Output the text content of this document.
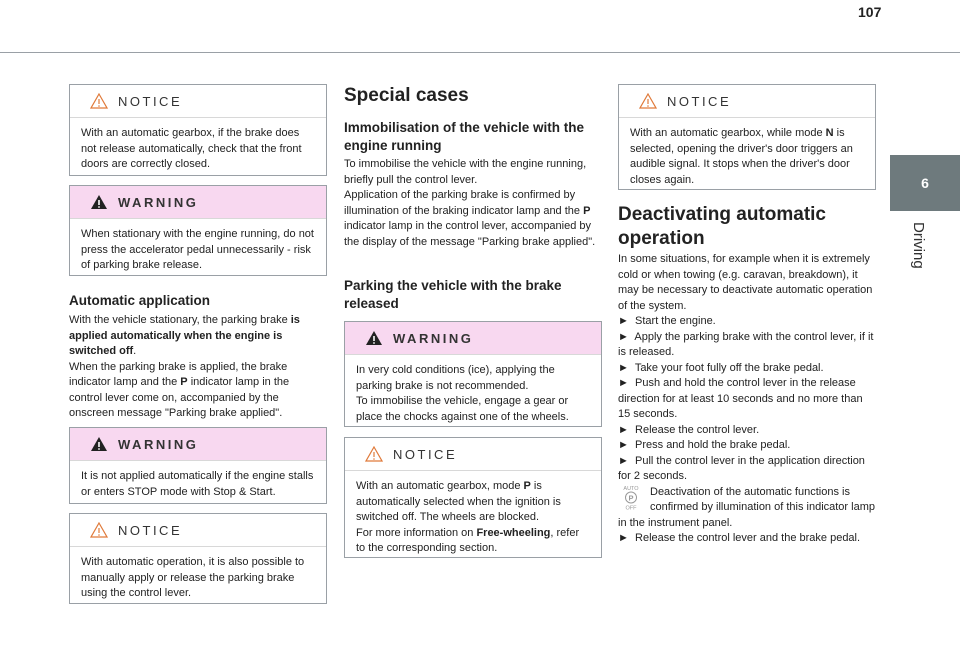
107
6
Driving
NOTICE
With an automatic gearbox, if the brake does not release automatically, check that the front doors are correctly closed.
WARNING
When stationary with the engine running, do not press the accelerator pedal unnecessarily - risk of parking brake release.
Automatic application

With the vehicle stationary, the parking brake is applied automatically when the engine is switched off.
When the parking brake is applied, the brake indicator lamp and the P indicator lamp in the control lever come on, accompanied by the onscreen message "Parking brake applied".

WARNING
It is not applied automatically if the engine stalls or enters STOP mode with Stop & Start.
NOTICE
With automatic operation, it is also possible to manually apply or release the parking brake using the control lever.
Special cases
Immobilisation of the vehicle with the engine running

To immobilise the vehicle with the engine running, briefly pull the control lever.
Application of the parking brake is confirmed by illumination of the braking indicator lamp and the P indicator lamp in the control lever, accompanied by the display of the message "Parking brake applied".

Parking the vehicle with the brake released
WARNING
In very cold conditions (ice), applying the parking brake is not recommended.
To immobilise the vehicle, engage a gear or place the chocks against one of the wheels.
NOTICE
With an automatic gearbox, mode P is automatically selected when the ignition is switched off. The wheels are blocked.
For more information on Free-wheeling, refer to the corresponding section.
NOTICE
With an automatic gearbox, while mode N is selected, opening the driver's door triggers an audible signal. It stops when the driver's door closes again.
Deactivating automatic operation
In some situations, for example when it is extremely cold or when towing (e.g. caravan, breakdown), it may be necessary to deactivate automatic operation of the system.
► Start the engine.
► Apply the parking brake with the control lever, if it is released.
► Take your foot fully off the brake pedal.
► Push and hold the control lever in the release direction for at least 10 seconds and no more than 15 seconds.
► Release the control lever.
► Press and hold the brake pedal.
► Pull the control lever in the application direction for 2 seconds.
AUTO
P
OFF
Deactivation of the automatic functions is confirmed by illumination of this indicator lamp in the instrument panel.
► Release the control lever and the brake pedal.
